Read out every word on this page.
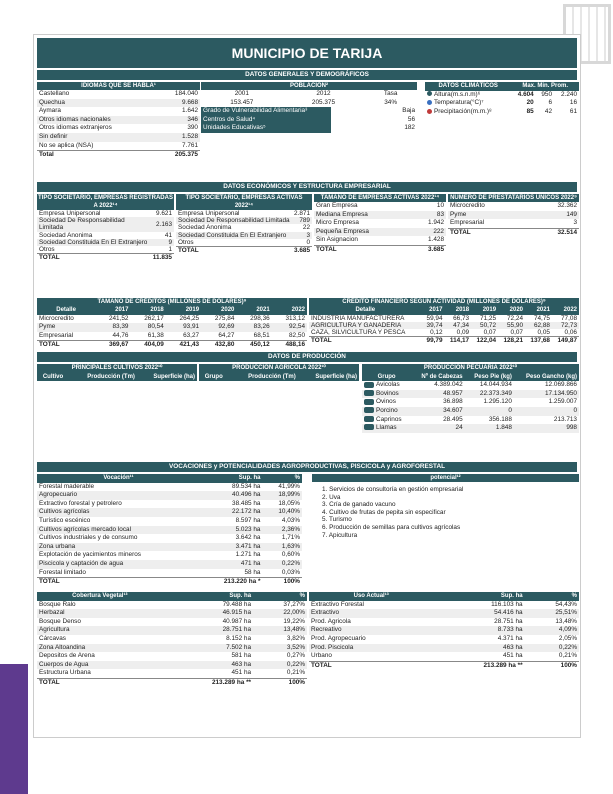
MUNICIPIO DE TARIJA
DATOS GENERALES Y DEMOGRÁFICOS
IDIOMAS QUE SE HABLA¹
Castellano	184.040
Quechua	9.668
Aymara	1.642
Otros idiomas nacionales	346
Otros idiomas extranjeros	390
Sin definir	1.528
No se aplica (NSA)	7.761
Total	205.375
POBLACIÓN²
2001	2012	Tasa
153.457	205.375	34%
Grado de Vulnerabilidad Alimentaria³	Baja
Centros de Salud⁴	56
Unidades Educativas⁵	182
DATOS CLIMÁTICOS	Max. Min. Prom.
Altura(m.s.n.m)⁶	4.604	950	2.240
Temperatura(°C)⁷	20	6	16
Precipitación(m.m.)⁸	85	42	61
DATOS ECONÓMICOS Y ESTRUCTURA EMPRESARIAL
TIPO SOCIETARIO, EMPRESAS REGISTRADAS A 2022¹⁴
Empresa Unipersonal	9.621
Sociedad De Responsabilidad Limitada	2.163
Sociedad Anonima	41
Sociedad Constituida En El Extranjero	9
Otros	1
TOTAL	11.835
TIPO SOCIETARIO, EMPRESAS ACTIVAS 2022¹⁴
Empresa Unipersonal	2.871
Sociedad De Responsabilidad Limitada	789
Sociedad Anonima	22
Sociedad Constituida En El Extranjero	3
Otros	0
TOTAL	3.685
TAMAÑO DE EMPRESAS ACTIVAS 2022¹⁴
Gran Empresa	10
Mediana Empresa	83
Micro Empresa	1.942
Pequeña Empresa	222
Sin Asignacion	1.428
TOTAL	3.685
NÚMERO DE PRESTATARIOS ÚNICOS 2022⁹
Microcredito	32.362
Pyme	149
Empresarial	3
TOTAL	32.514
TAMAÑO DE CRÉDITOS (MILLONES DE DÓLARES)⁹
Detalle	2017	2018	2019	2020	2021	2022
Microcredito	241,52	262,17	264,25	275,84	298,36	313,12
Pyme	83,39	80,54	93,91	92,69	83,26	92,54
Empresarial	44,76	61,38	63,27	64,27	68,51	82,50
TOTAL	369,67	404,09	421,43	432,80	450,12	488,16
CRÉDITO FINANCIERO SEGÚN ACTIVIDAD (MILLONES DE DÓLARES)⁹
Detalle	2017	2018	2019	2020	2021	2022
INDUSTRIA MANUFACTURERA	59,94	66,73	71,25	72,24	74,75	77,08
AGRICULTURA Y GANADERIA	39,74	47,34	50,72	55,90	62,88	72,73
CAZA, SILVICULTURA Y PESCA	0,12	0,09	0,07	0,07	0,05	0,06
TOTAL	99,79	114,17	122,04	128,21	137,68	149,87
DATOS DE PRODUCCIÓN
PRINCIPALES CULTIVOS 2022¹⁰
Cultivo	Producción (Tm)	Superficie (ha)
PRODUCCIÓN AGRICOLA 2022¹⁰
Grupo	Producción (Tm)	Superficie (ha)
PRODUCCIÓN PECUARIA 2022¹⁰			
Grupo	Nº de Cabezas	Peso Pie (kg)	Peso Gancho (kg)
Avicolas	4.389.042	14.044.934	12.069.866
Bovinos	48.957	22.373.349	17.134.950
Ovinos	36.898	1.295.120	1.259.007
Porcino	34.607	0	0
Caprinos	28.495	356.188	213.713
Llamas	24	1.848	998
VOCACIONES y POTENCIALIDADES AGROPRODUCTIVAS, PISCICOLA y AGROFORESTAL
Vocación¹¹	Sup. ha	%
Forestal maderable	89.534 ha	41,99%
Agropecuario	40.496 ha	18,99%
Extractivo forestal y petrolero	38.485 ha	18,05%
Cultivos agrícolas	22.172 ha	10,40%
Turístico escénico	8.597 ha	4,03%
Cultivos agrícolas mercado local	5.023 ha	2,36%
Cultivos industriales y de consumo	3.642 ha	1,71%
Zona urbana	3.471 ha	1,63%
Explotación de yacimientos mineros	1.271 ha	0,60%
Piscicola y captación de agua	471 ha	0,22%
Forestal limitado	58 ha	0,03%
TOTAL	213.220 ha *	100%
potencial¹²
1. Servicios de consultoría en gestión empresarial
2. Uva
3. Cría de ganado vacuno
4. Cultivo de frutas de pepita sin especificar
5. Turismo
6. Producción de semillas para cultivos agrícolas
7. Apicultura
Cobertura Vegetal¹³	Sup. ha	%
Bosque Ralo	79.488 ha	37,27%
Herbazal	46.915 ha	22,00%
Bosque Denso	40.987 ha	19,22%
Agricultura	28.751 ha	13,48%
Cárcavas	8.152 ha	3,82%
Zona Altoandina	7.502 ha	3,52%
Depositos de Arena	581 ha	0,27%
Cuerpos de Agua	463 ha	0,22%
Estructura Urbana	451 ha	0,21%
TOTAL	213.289 ha **	100%
Uso Actual¹³	Sup. ha	%
Extractivo Forestal	116.103 ha	54,43%
Extractivo	54.416 ha	25,51%
Prod. Agricola	28.751 ha	13,48%
Recreativo	8.733 ha	4,09%
Prod. Agropecuario	4.371 ha	2,05%
Prod. Piscicola	463 ha	0,22%
Urbano	451 ha	0,21%
TOTAL	213.289 ha **	100%
